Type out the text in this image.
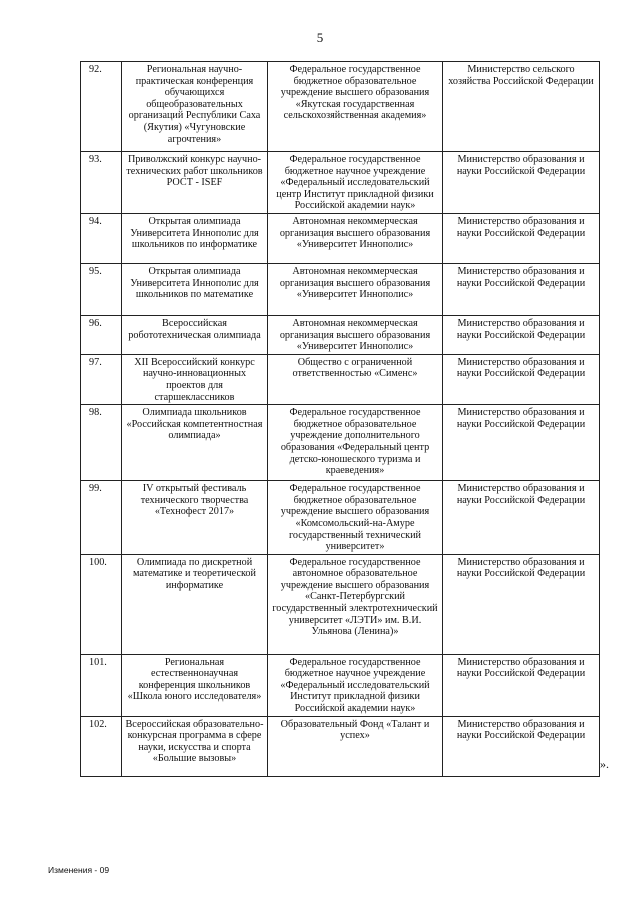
5
92.	Региональная научно-практическая конференция обучающихся общеобразовательных организаций Республики Саха (Якутия) «Чугуновские агрочтения»	Федеральное государственное бюджетное образовательное учреждение высшего образования «Якутская государственная сельскохозяйственная академия»	Министерство сельского хозяйства Российской Федерации
93.	Приволжский конкурс научно-технических работ школьников РОСТ - ISEF	Федеральное государственное бюджетное научное учреждение «Федеральный исследовательский центр Институт прикладной физики Российской академии наук»	Министерство образования и науки Российской Федерации
94.	Открытая олимпиада Университета Иннополис для школьников по информатике	Автономная некоммерческая организация высшего образования «Университет Иннополис»	Министерство образования и науки Российской Федерации
95.	Открытая олимпиада Университета Иннополис для школьников по математике	Автономная некоммерческая организация высшего образования «Университет Иннополис»	Министерство образования и науки Российской Федерации
96.	Всероссийская робототехническая олимпиада	Автономная некоммерческая организация высшего образования «Университет Иннополис»	Министерство образования и науки Российской Федерации
97.	XII Всероссийский конкурс научно-инновационных проектов для старшеклассников	Общество с ограниченной ответственностью «Сименс»	Министерство образования и науки Российской Федерации
98.	Олимпиада школьников «Российская компетентностная олимпиада»	Федеральное государственное бюджетное образовательное учреждение дополнительного образования «Федеральный центр детско-юношеского туризма и краеведения»	Министерство образования и науки Российской Федерации
99.	IV открытый фестиваль технического творчества «Технофест 2017»	Федеральное государственное бюджетное образовательное учреждение высшего образования «Комсомольский-на-Амуре государственный технический университет»	Министерство образования и науки Российской Федерации
100.	Олимпиада по дискретной математике и теоретической информатике	Федеральное государственное автономное образовательное учреждение высшего образования «Санкт-Петербургский государственный электротехнический университет «ЛЭТИ» им. В.И. Ульянова (Ленина)»	Министерство образования и науки Российской Федерации
101.	Региональная естественнонаучная конференция школьников «Школа юного исследователя»	Федеральное государственное бюджетное научное учреждение «Федеральный исследовательский Институт прикладной физики Российской академии наук»	Министерство образования и науки Российской Федерации
102.	Всероссийская образовательно-конкурсная программа в сфере науки, искусства и спорта «Большие вызовы»	Образовательный Фонд «Талант и успех»	Министерство образования и науки Российской Федерации
».
Изменения - 09
